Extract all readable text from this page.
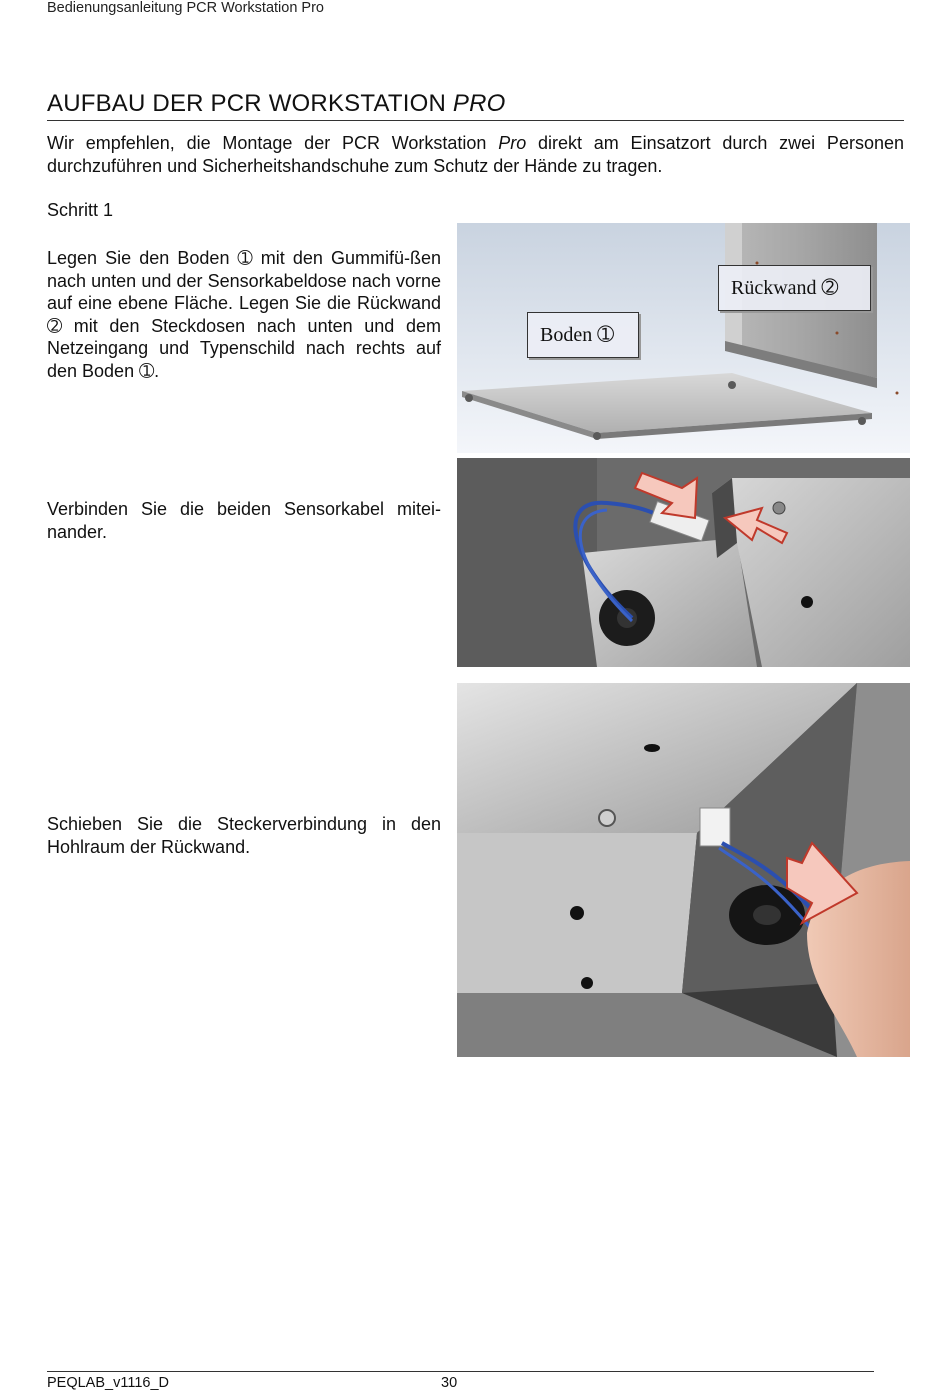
Bedienungsanleitung PCR Workstation Pro
AUFBAU DER PCR WORKSTATION PRO
Wir empfehlen, die Montage der PCR Workstation Pro direkt am Einsatzort durch zwei Personen durchzuführen und Sicherheitshandschuhe zum Schutz der Hände zu tragen.
Schritt 1
Legen Sie den Boden ➀ mit den Gummifü-ßen nach unten und der Sensorkabeldose nach vorne auf eine ebene Fläche. Legen Sie die Rückwand ➁ mit den Steckdosen nach unten und dem Netzeingang und Typenschild nach rechts auf den Boden ➀.
Verbinden Sie die beiden Sensorkabel mitei-nander.
Schieben Sie die Steckerverbindung in den Hohlraum der Rückwand.
Boden ➀
Rückwand ➁
PEQLAB_v1116_D	30
